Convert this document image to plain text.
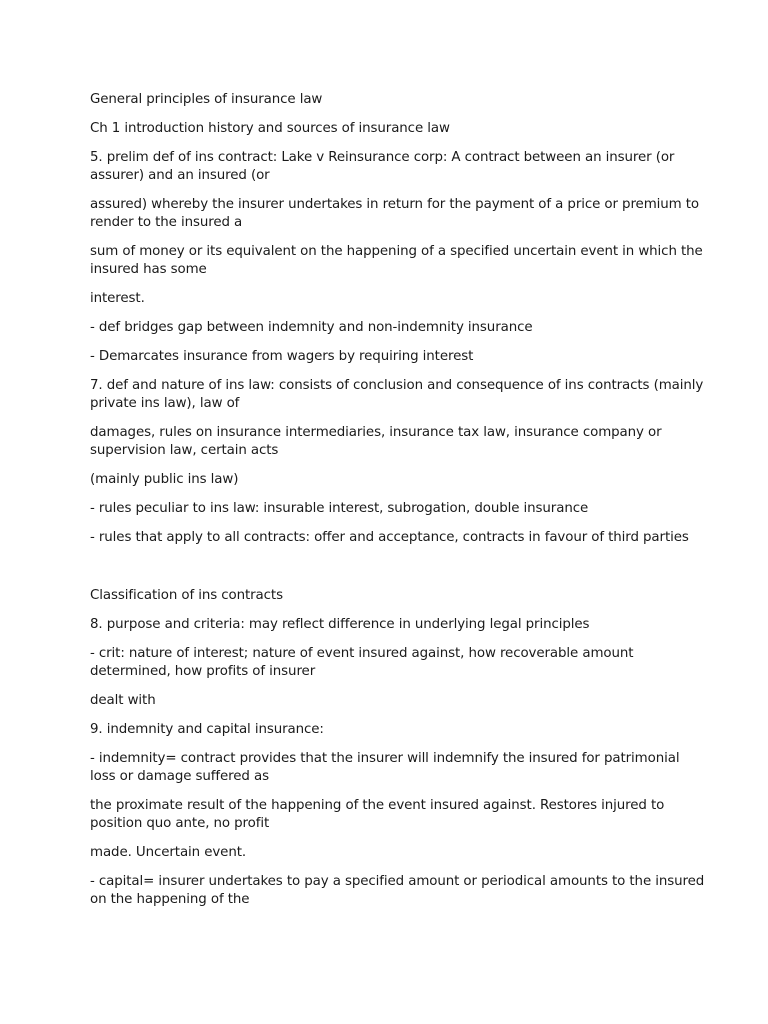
General principles of insurance law

Ch 1 introduction history and sources of insurance law

5. prelim def of ins contract: Lake v Reinsurance corp: A contract between an insurer (or assurer) and an insured (or

assured) whereby the insurer undertakes in return for the payment of a price or premium to render to the insured a

sum of money or its equivalent on the happening of a specified uncertain event in which the insured has some

interest.

- def bridges gap between indemnity and non-indemnity insurance

- Demarcates insurance from wagers by requiring interest

7. def and nature of ins law: consists of conclusion and consequence of ins contracts (mainly private ins law), law of

damages, rules on insurance intermediaries, insurance tax law, insurance company or supervision law, certain acts

(mainly public ins law)

- rules peculiar to ins law: insurable interest, subrogation, double insurance

- rules that apply to all contracts: offer and acceptance, contracts in favour of third parties

Classification of ins contracts

8. purpose and criteria: may reflect difference in underlying legal principles

- crit: nature of interest; nature of event insured against, how recoverable amount determined, how profits of insurer

dealt with

9. indemnity and capital insurance:

- indemnity= contract provides that the insurer will indemnify the insured for patrimonial loss or damage suffered as

the proximate result of the happening of the event insured against. Restores injured to position quo ante, no profit

made. Uncertain event.

- capital= insurer undertakes to pay a specified amount or periodical amounts to the insured on the happening of the
